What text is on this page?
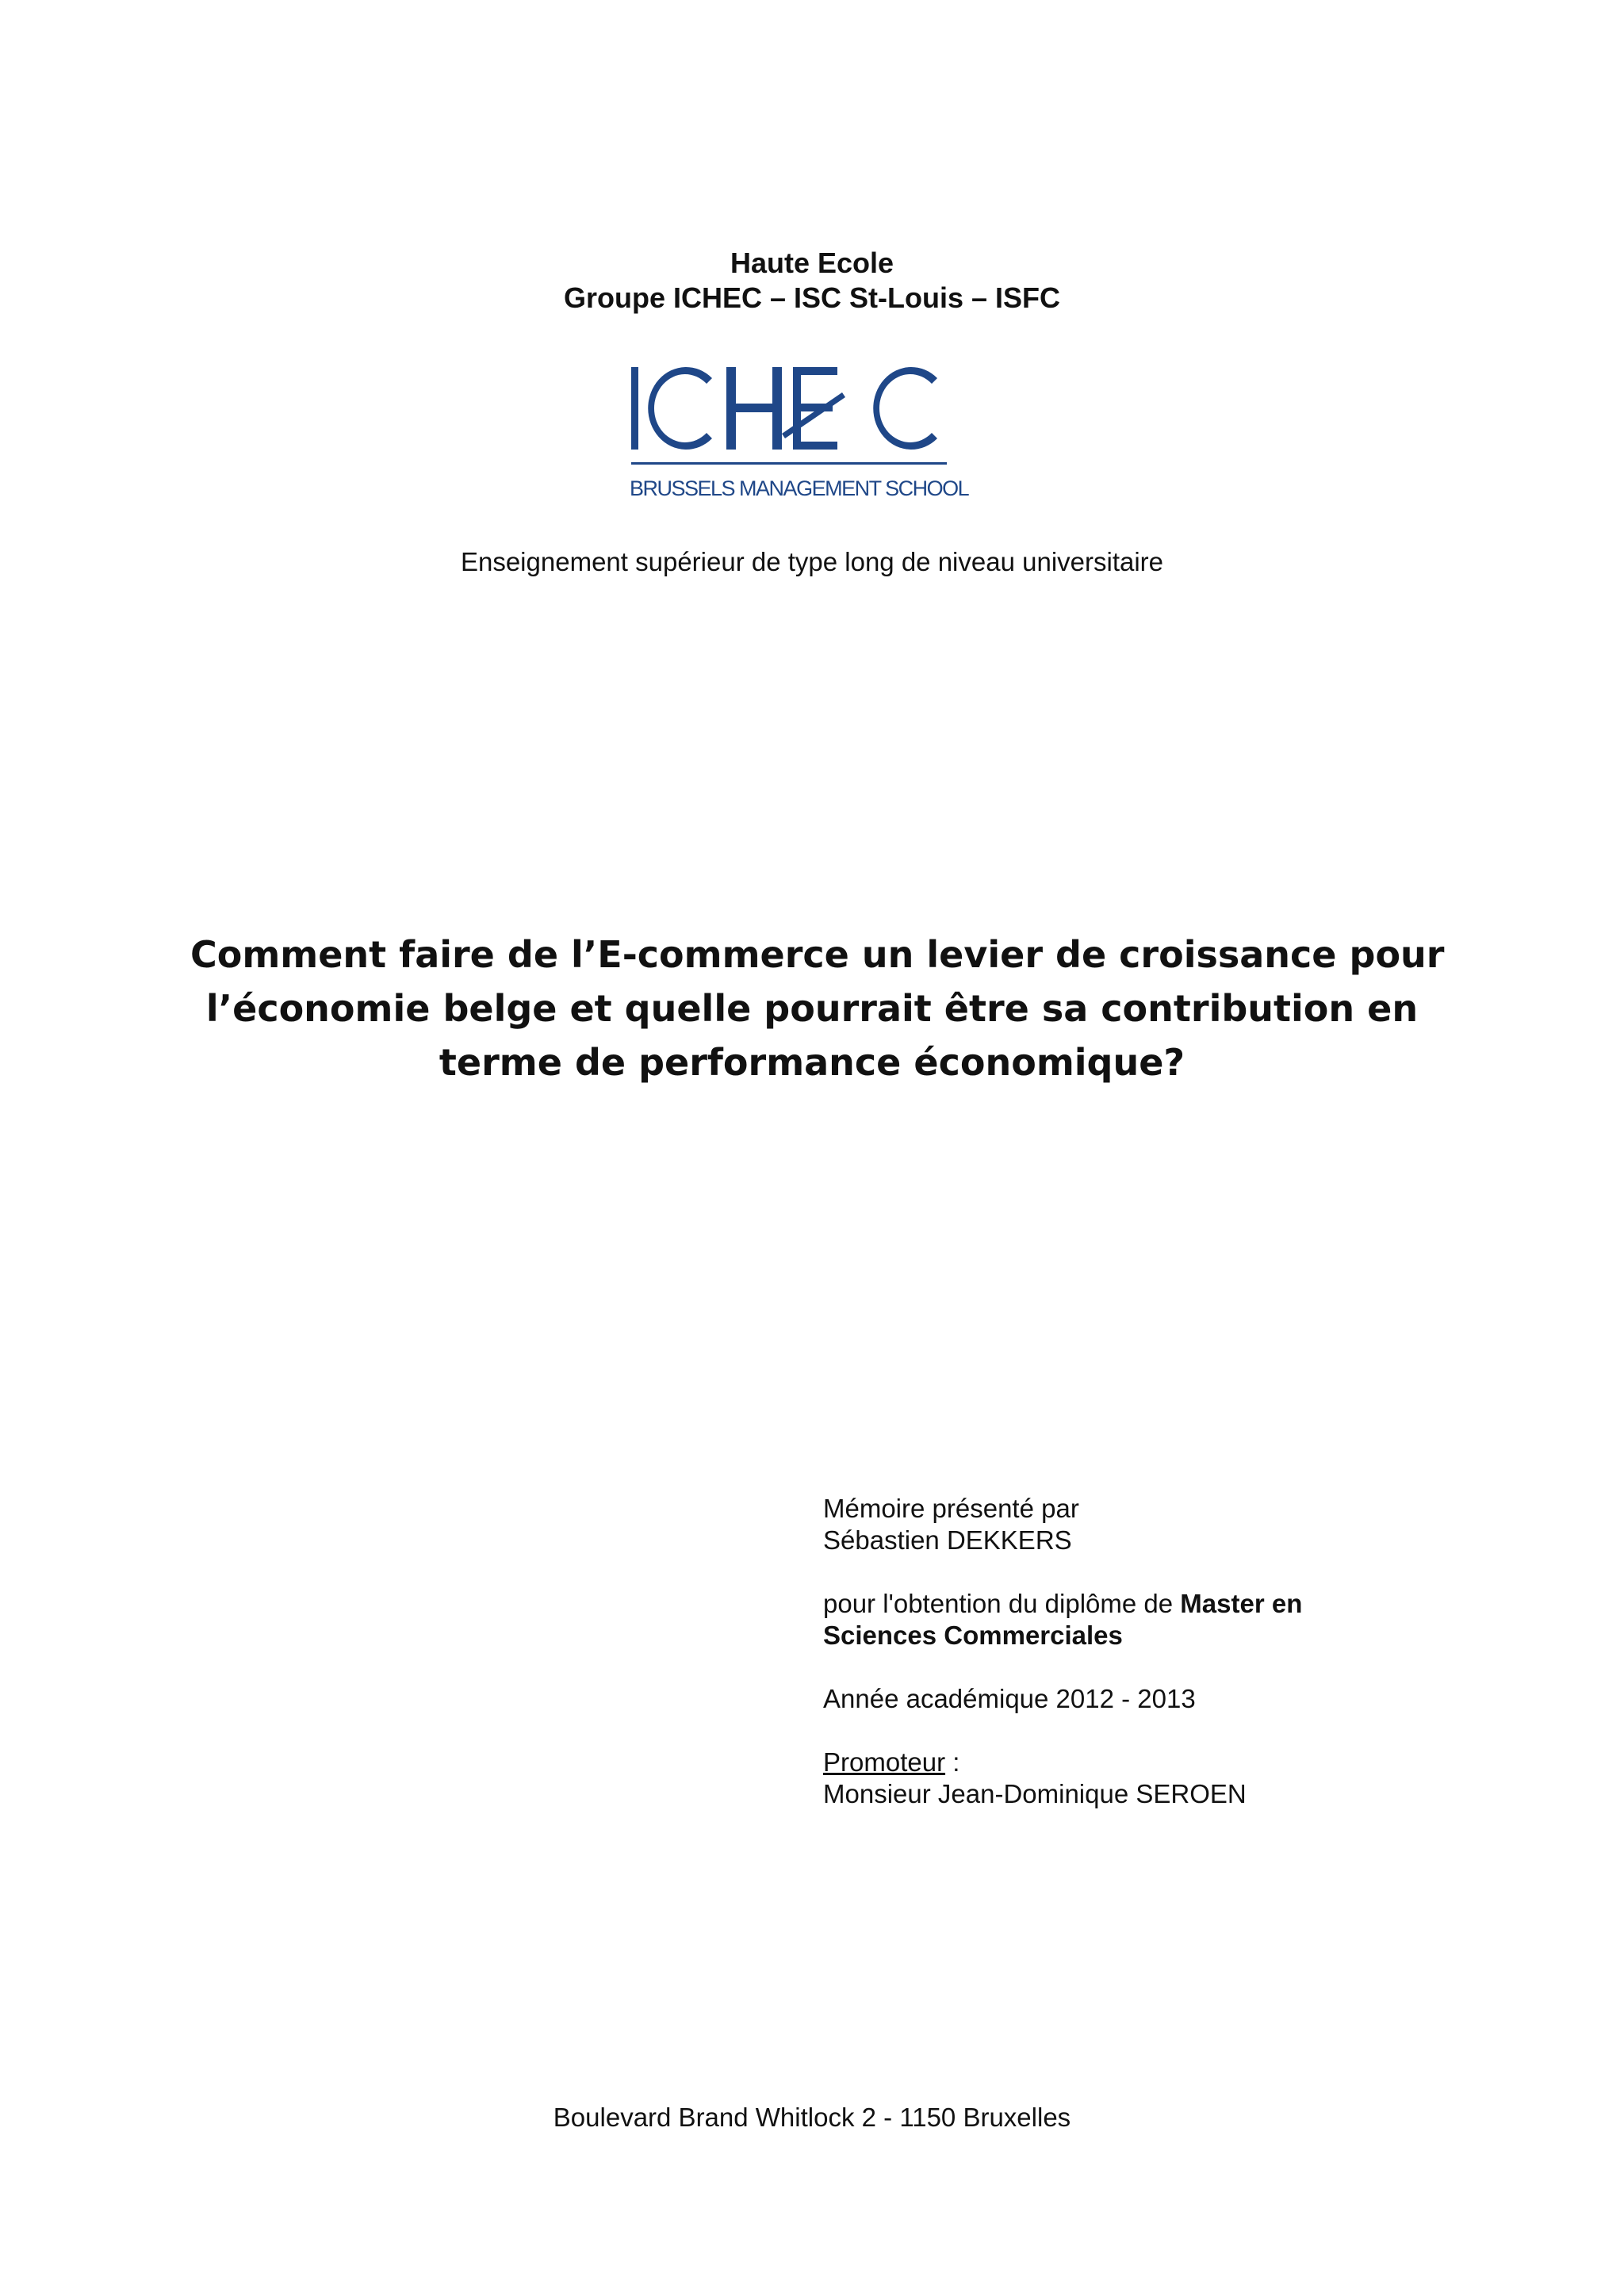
Haute Ecole
Groupe ICHEC – ISC St-Louis – ISFC
BRUSSELS MANAGEMENT SCHOOL
Enseignement supérieur de type long de niveau universitaire
Comment faire de l’E-commerce un levier de croissance pour
l’économie belge et quelle pourrait être sa contribution en
terme de performance économique?
Mémoire présenté par
Sébastien DEKKERS
pour l'obtention du diplôme de Master en
Sciences Commerciales
Année académique 2012 - 2013
Promoteur :
Monsieur Jean-Dominique SEROEN
Boulevard Brand Whitlock 2 - 1150 Bruxelles
